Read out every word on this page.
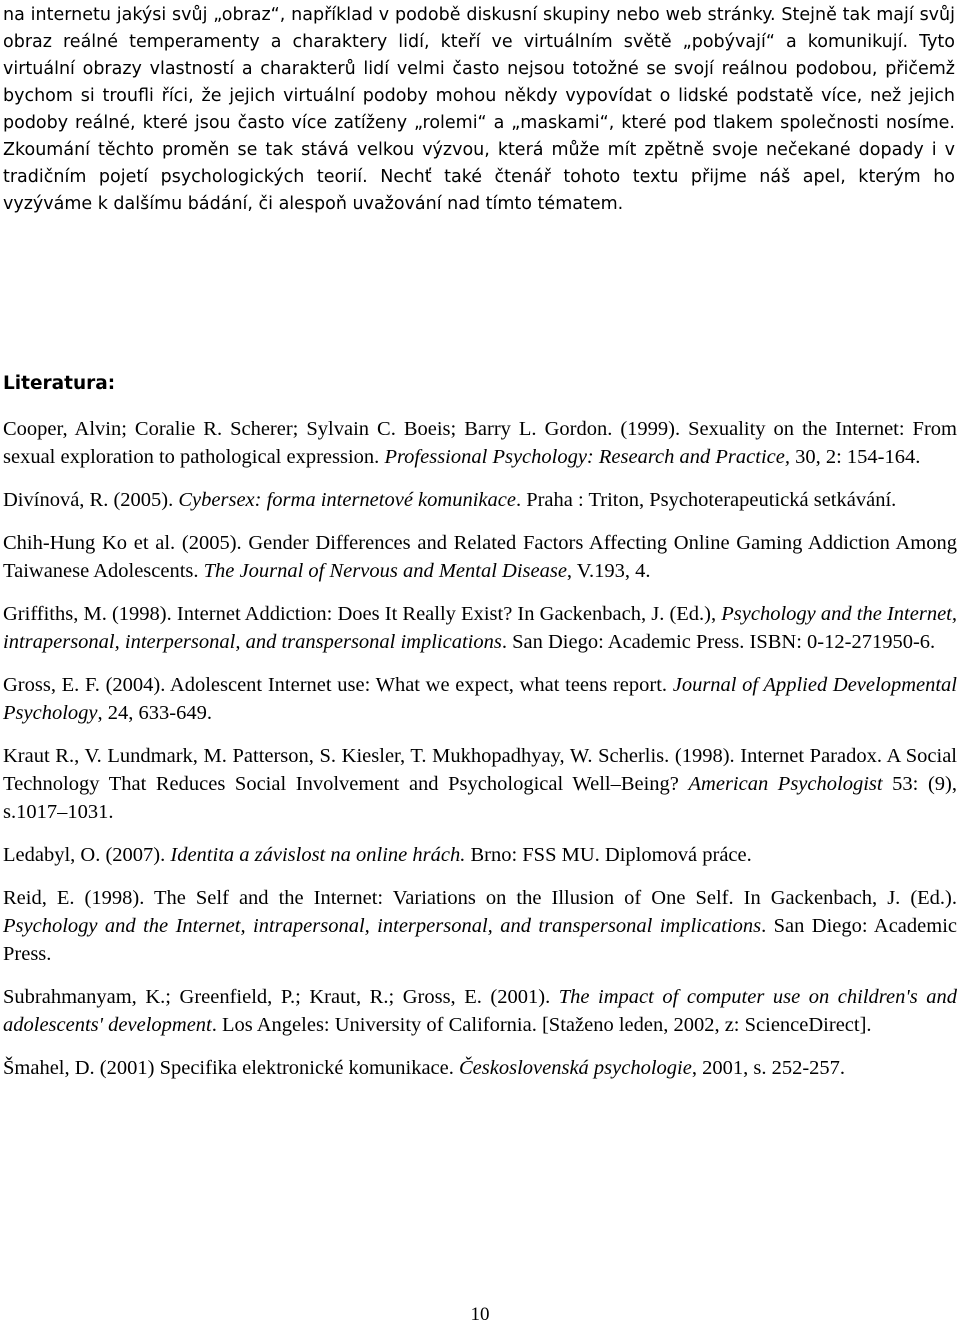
na internetu jakýsi svůj „obraz“, například v podobě diskusní skupiny nebo web stránky. Stejně tak mají svůj obraz reálné temperamenty a charaktery lidí, kteří ve virtuálním světě „pobývají“ a komunikují. Tyto virtuální obrazy vlastností a charakterů lidí velmi často nejsou totožné se svojí reálnou podobou, přičemž bychom si troufli říci, že jejich virtuální podoby mohou někdy vypovídat o lidské podstatě více, než jejich podoby reálné, které jsou často více zatíženy „rolemi“ a „maskami“, které pod tlakem společnosti nosíme. Zkoumání těchto proměn se tak stává velkou výzvou, která může mít zpětně svoje nečekané dopady i v tradičním pojetí psychologických teorií. Nechť také čtenář tohoto textu přijme náš apel, kterým ho vyzýváme k dalšímu bádání, či alespoň uvažování nad tímto tématem.

Literatura:

Cooper, Alvin; Coralie R. Scherer; Sylvain C. Boeis; Barry L. Gordon. (1999). Sexuality on the Internet: From sexual exploration to pathological expression. Professional Psychology: Research and Practice, 30, 2: 154-164.

Divínová, R. (2005). Cybersex: forma internetové komunikace. Praha : Triton, Psychoterapeutická setkávání.

Chih-Hung Ko et al. (2005). Gender Differences and Related Factors Affecting Online Gaming Addiction Among Taiwanese Adolescents. The Journal of Nervous and Mental Disease, V.193, 4.

Griffiths, M. (1998). Internet Addiction: Does It Really Exist? In Gackenbach, J. (Ed.), Psychology and the Internet, intrapersonal, interpersonal, and transpersonal implications. San Diego: Academic Press. ISBN: 0-12-271950-6.

Gross, E. F. (2004). Adolescent Internet use: What we expect, what teens report. Journal of Applied Developmental Psychology, 24, 633-649.

Kraut R., V. Lundmark, M. Patterson, S. Kiesler, T. Mukhopadhyay, W. Scherlis. (1998). Internet Paradox. A Social Technology That Reduces Social Involvement and Psychological Well–Being? American Psychologist 53: (9), s.1017–1031.

Ledabyl, O. (2007). Identita a závislost na online hrách. Brno: FSS MU. Diplomová práce.

Reid, E. (1998). The Self and the Internet: Variations on the Illusion of One Self. In Gackenbach, J. (Ed.). Psychology and the Internet, intrapersonal, interpersonal, and transpersonal implications. San Diego: Academic Press.

Subrahmanyam, K.; Greenfield, P.; Kraut, R.; Gross, E. (2001). The impact of computer use on children's and adolescents' development. Los Angeles: University of California. [Staženo leden, 2002, z: ScienceDirect].

Šmahel, D. (2001) Specifika elektronické komunikace. Československá psychologie, 2001, s. 252-257.

10
